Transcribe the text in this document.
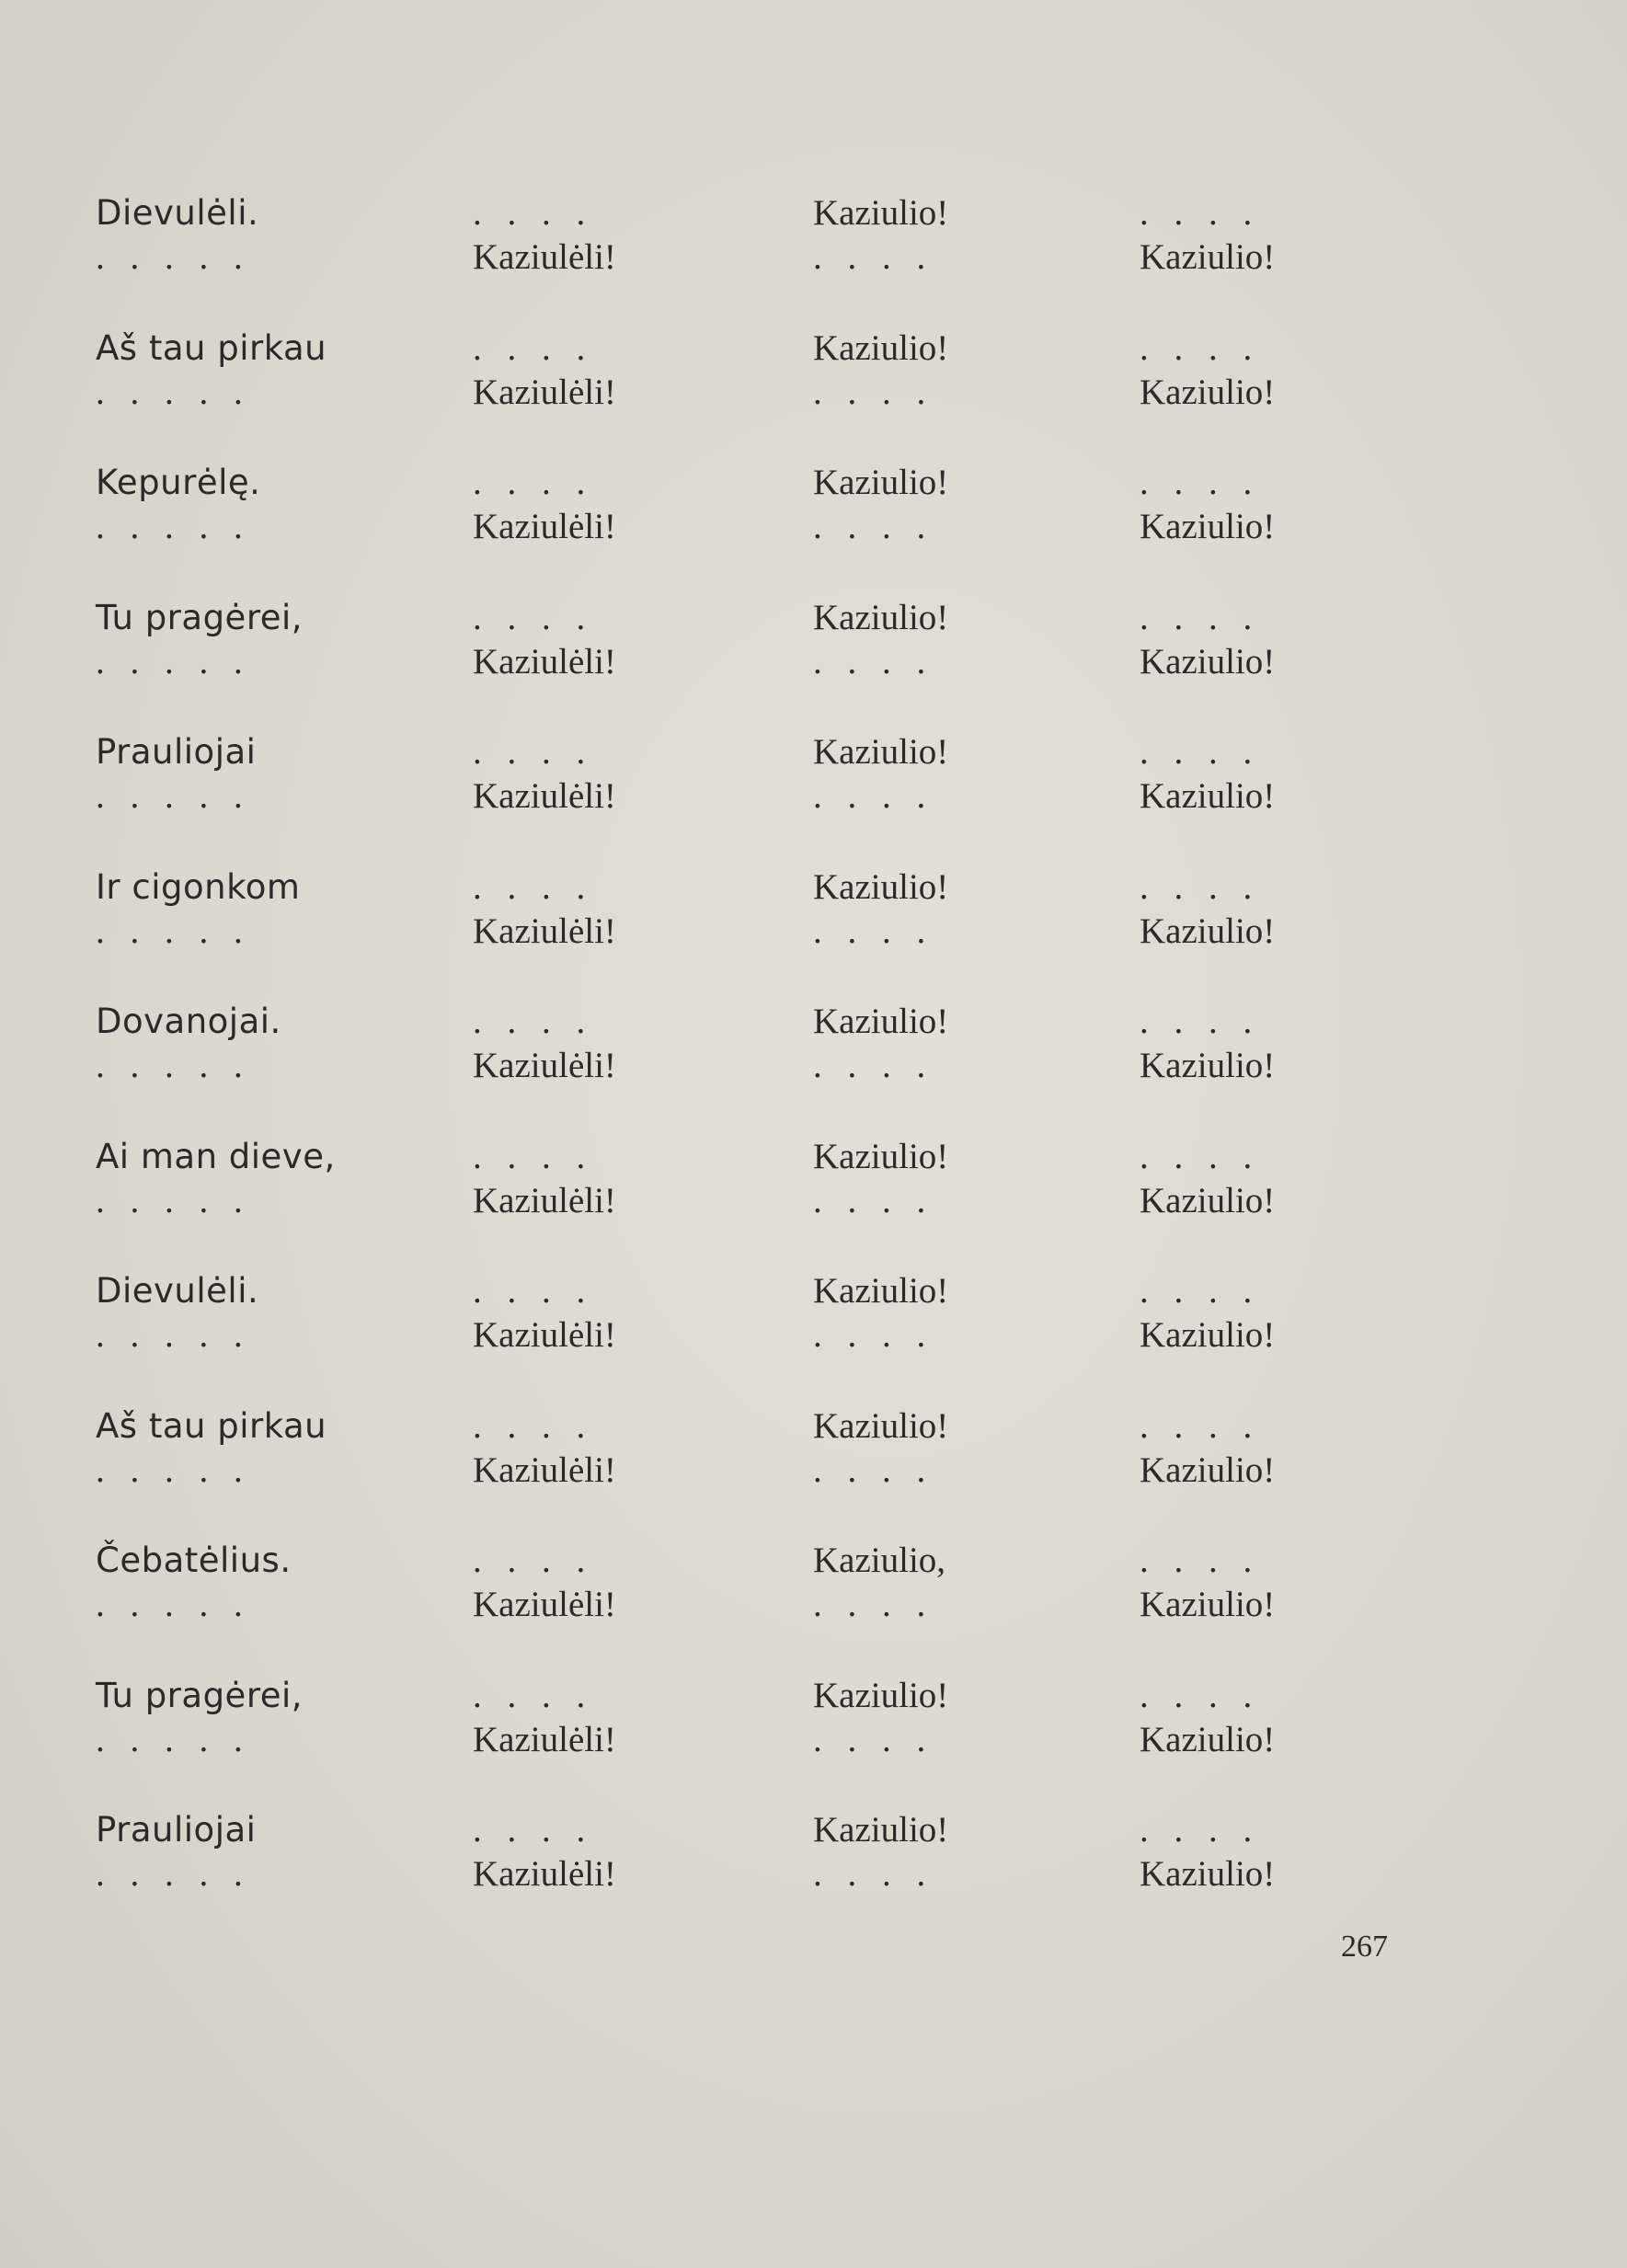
Dievulėli.	. . . .	Kaziulio!	. . . .
. . . . .	Kaziulėli!	. . . .	Kaziulio!
Aš tau pirkau	. . . .	Kaziulio!	. . . .
. . . . .	Kaziulėli!	. . . .	Kaziulio!
Kepurėlę.	. . . .	Kaziulio!	. . . .
. . . . .	Kaziulėli!	. . . .	Kaziulio!
Tu pragėrei,	. . . .	Kaziulio!	. . . .
. . . . .	Kaziulėli!	. . . .	Kaziulio!
Prauliojai	. . . .	Kaziulio!	. . . .
. . . . .	Kaziulėli!	. . . .	Kaziulio!
Ir cigonkom	. . . .	Kaziulio!	. . . .
. . . . .	Kaziulėli!	. . . .	Kaziulio!
Dovanojai.	. . . .	Kaziulio!	. . . .
. . . . .	Kaziulėli!	. . . .	Kaziulio!
Ai man dieve,	. . . .	Kaziulio!	. . . .
. . . . .	Kaziulėli!	. . . .	Kaziulio!
Dievulėli.	. . . .	Kaziulio!	. . . .
. . . . .	Kaziulėli!	. . . .	Kaziulio!
Aš tau pirkau	. . . .	Kaziulio!	. . . .
. . . . .	Kaziulėli!	. . . .	Kaziulio!
Čebatėlius.	. . . .	Kaziulio,	. . . .
. . . . .	Kaziulėli!	. . . .	Kaziulio!
Tu pragėrei,	. . . .	Kaziulio!	. . . .
. . . . .	Kaziulėli!	. . . .	Kaziulio!
Prauliojai	. . . .	Kaziulio!	. . . .
. . . . .	Kaziulėli!	. . . .	Kaziulio!
267
